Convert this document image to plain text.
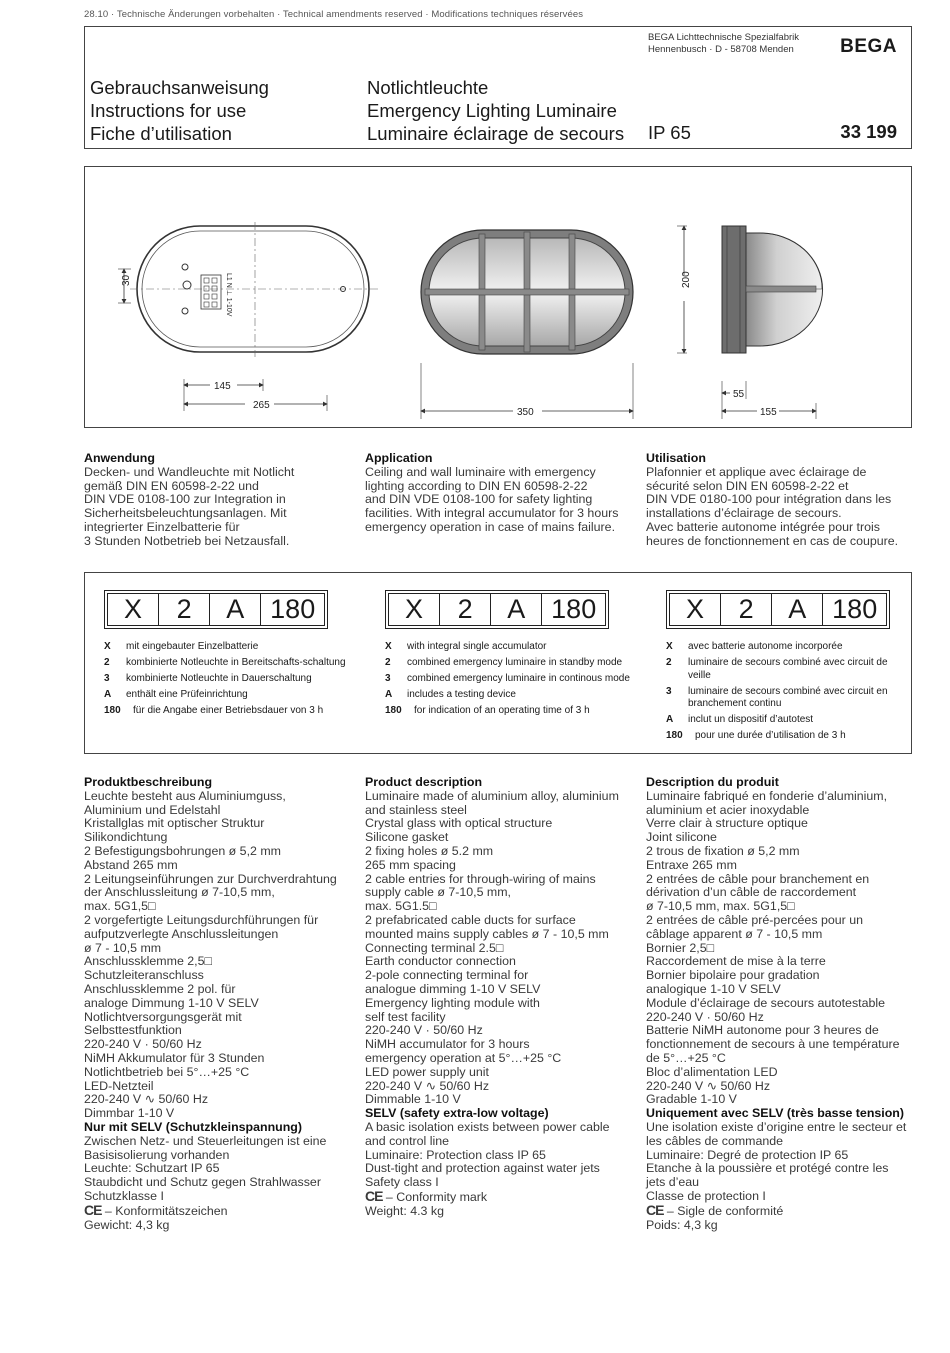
28.10 · Technische Änderungen vorbehalten · Technical amendments reserved · Modifications techniques réservées
BEGA Lichttechnische Spezialfabrik
Hennenbusch · D - 58708 Menden BEGA
Gebrauchsanweisung
Instructions for use
Fiche d’utilisation
Notlichtleuchte
Emergency Lighting Luminaire
Luminaire éclairage de secours IP 65	33 199
L1 N ⊥ 1-10V
30
145
265
350
200
55
155
Anwendung
Decken- und Wandleuchte mit Notlicht
gemäß DIN EN 60598-2-22 und
DIN VDE 0108-100 zur Integration in
Sicherheitsbeleuchtungsanlagen. Mit
integrierter Einzelbatterie für
3 Stunden Notbetrieb bei Netzausfall.
Application
Ceiling and wall luminaire with emergency
lighting according to DIN EN 60598-2-22
and DIN VDE 0108-100 for safety lighting
facilities. With integral accumulator for 3 hours
emergency operation in case of mains failure.
Utilisation
Plafonnier et applique avec éclairage de
sécurité selon DIN EN 60598-2-22 et
DIN VDE 0180-100 pour intégration dans les
installations d’éclairage de secours.
Avec batterie autonome intégrée pour trois
heures de fonctionnement en cas de coupure.
X	2	A 180	X	2	A 180	X	2	A 180
X	mit eingebauter Einzelbatterie
2	kombinierte Notleuchte in Bereitschafts-schaltung
3	kombinierte Notleuchte in Dauerschaltung
A	enthält eine Prüfeinrichtung
180	für die Angabe einer Betriebsdauer von 3 h
X	with integral single accumulator
2	combined emergency luminaire in standby mode
3	combined emergency luminaire in continous mode
A	includes a testing device
180	for indication of an operating time of 3 h
X	avec batterie autonome incorporée
2	luminaire de secours combiné avec circuit de veille
3	luminaire de secours combiné avec circuit en branchement continu
A	inclut un dispositif d’autotest
180	pour une durée d’utilisation de 3 h
Produktbeschreibung
Leuchte besteht aus Aluminiumguss,
Aluminium und Edelstahl
Kristallglas mit optischer Struktur
Silikondichtung
2 Befestigungsbohrungen ø 5,2 mm
Abstand 265 mm
2 Leitungseinführungen zur Durchverdrahtung
der Anschlussleitung ø 7-10,5 mm,
max. 5G1,5□
2 vorgefertigte Leitungsdurchführungen für
aufputzverlegte Anschlussleitungen
ø 7 - 10,5 mm
Anschlussklemme 2,5□
Schutzleiteranschluss
Anschlussklemme 2 pol. für
analoge Dimmung 1-10 V SELV
Notlichtversorgungsgerät mit
Selbsttestfunktion
220-240 V · 50/60 Hz
NiMH Akkumulator für 3 Stunden
Notlichtbetrieb bei 5°…+25 °C
LED-Netzteil
220-240 V ∿ 50/60 Hz
Dimmbar 1-10 V
Nur mit SELV (Schutzkleinspannung)
Zwischen Netz- und Steuerleitungen ist eine
Basisisolierung vorhanden
Leuchte: Schutzart IP 65
Staubdicht und Schutz gegen Strahlwasser
Schutzklasse I
CE – Konformitätszeichen
Gewicht: 4,3 kg
Product description
Luminaire made of aluminium alloy, aluminium
and stainless steel
Crystal glass with optical structure
Silicone gasket
2 fixing holes ø 5.2 mm
265 mm spacing
2 cable entries for through-wiring of mains
supply cable ø 7-10,5 mm,
max. 5G1.5□
2 prefabricated cable ducts for surface
mounted mains supply cables ø 7 - 10,5 mm
Connecting terminal 2.5□
Earth conductor connection
2-pole connecting terminal for
analogue dimming 1-10 V SELV
Emergency lighting module with
self test facility
220-240 V · 50/60 Hz
NiMH accumulator for 3 hours
emergency operation at 5°…+25 °C
LED power supply unit
220-240 V ∿ 50/60 Hz
Dimmable 1-10 V
SELV (safety extra-low voltage)
A basic isolation exists between power cable
and control line
Luminaire: Protection class IP 65
Dust-tight and protection against water jets
Safety class I
CE – Conformity mark
Weight: 4.3 kg
Description du produit
Luminaire fabriqué en fonderie d’aluminium,
aluminium et acier inoxydable
Verre clair à structure optique
Joint silicone
2 trous de fixation ø 5,2 mm
Entraxe 265 mm
2 entrées de câble pour branchement en
dérivation d’un câble de raccordement
ø 7-10,5 mm, max. 5G1,5□
2 entrées de câble pré-percées pour un
câblage apparent ø 7 - 10,5 mm
Bornier 2,5□
Raccordement de mise à la terre
Bornier bipolaire pour gradation
analogique 1-10 V SELV
Module d’éclairage de secours autotestable
220-240 V · 50/60 Hz
Batterie NiMH autonome pour 3 heures de
fonctionnement de secours à une température
de 5°…+25 °C
Bloc d’alimentation LED
220-240 V ∿ 50/60 Hz
Gradable 1-10 V
Uniquement avec SELV (très basse tension)
Une isolation existe d’origine entre le secteur et
les câbles de commande
Luminaire: Degré de protection IP 65
Etanche à la poussière et protégé contre les
jets d’eau
Classe de protection I
CE – Sigle de conformité
Poids: 4,3 kg
